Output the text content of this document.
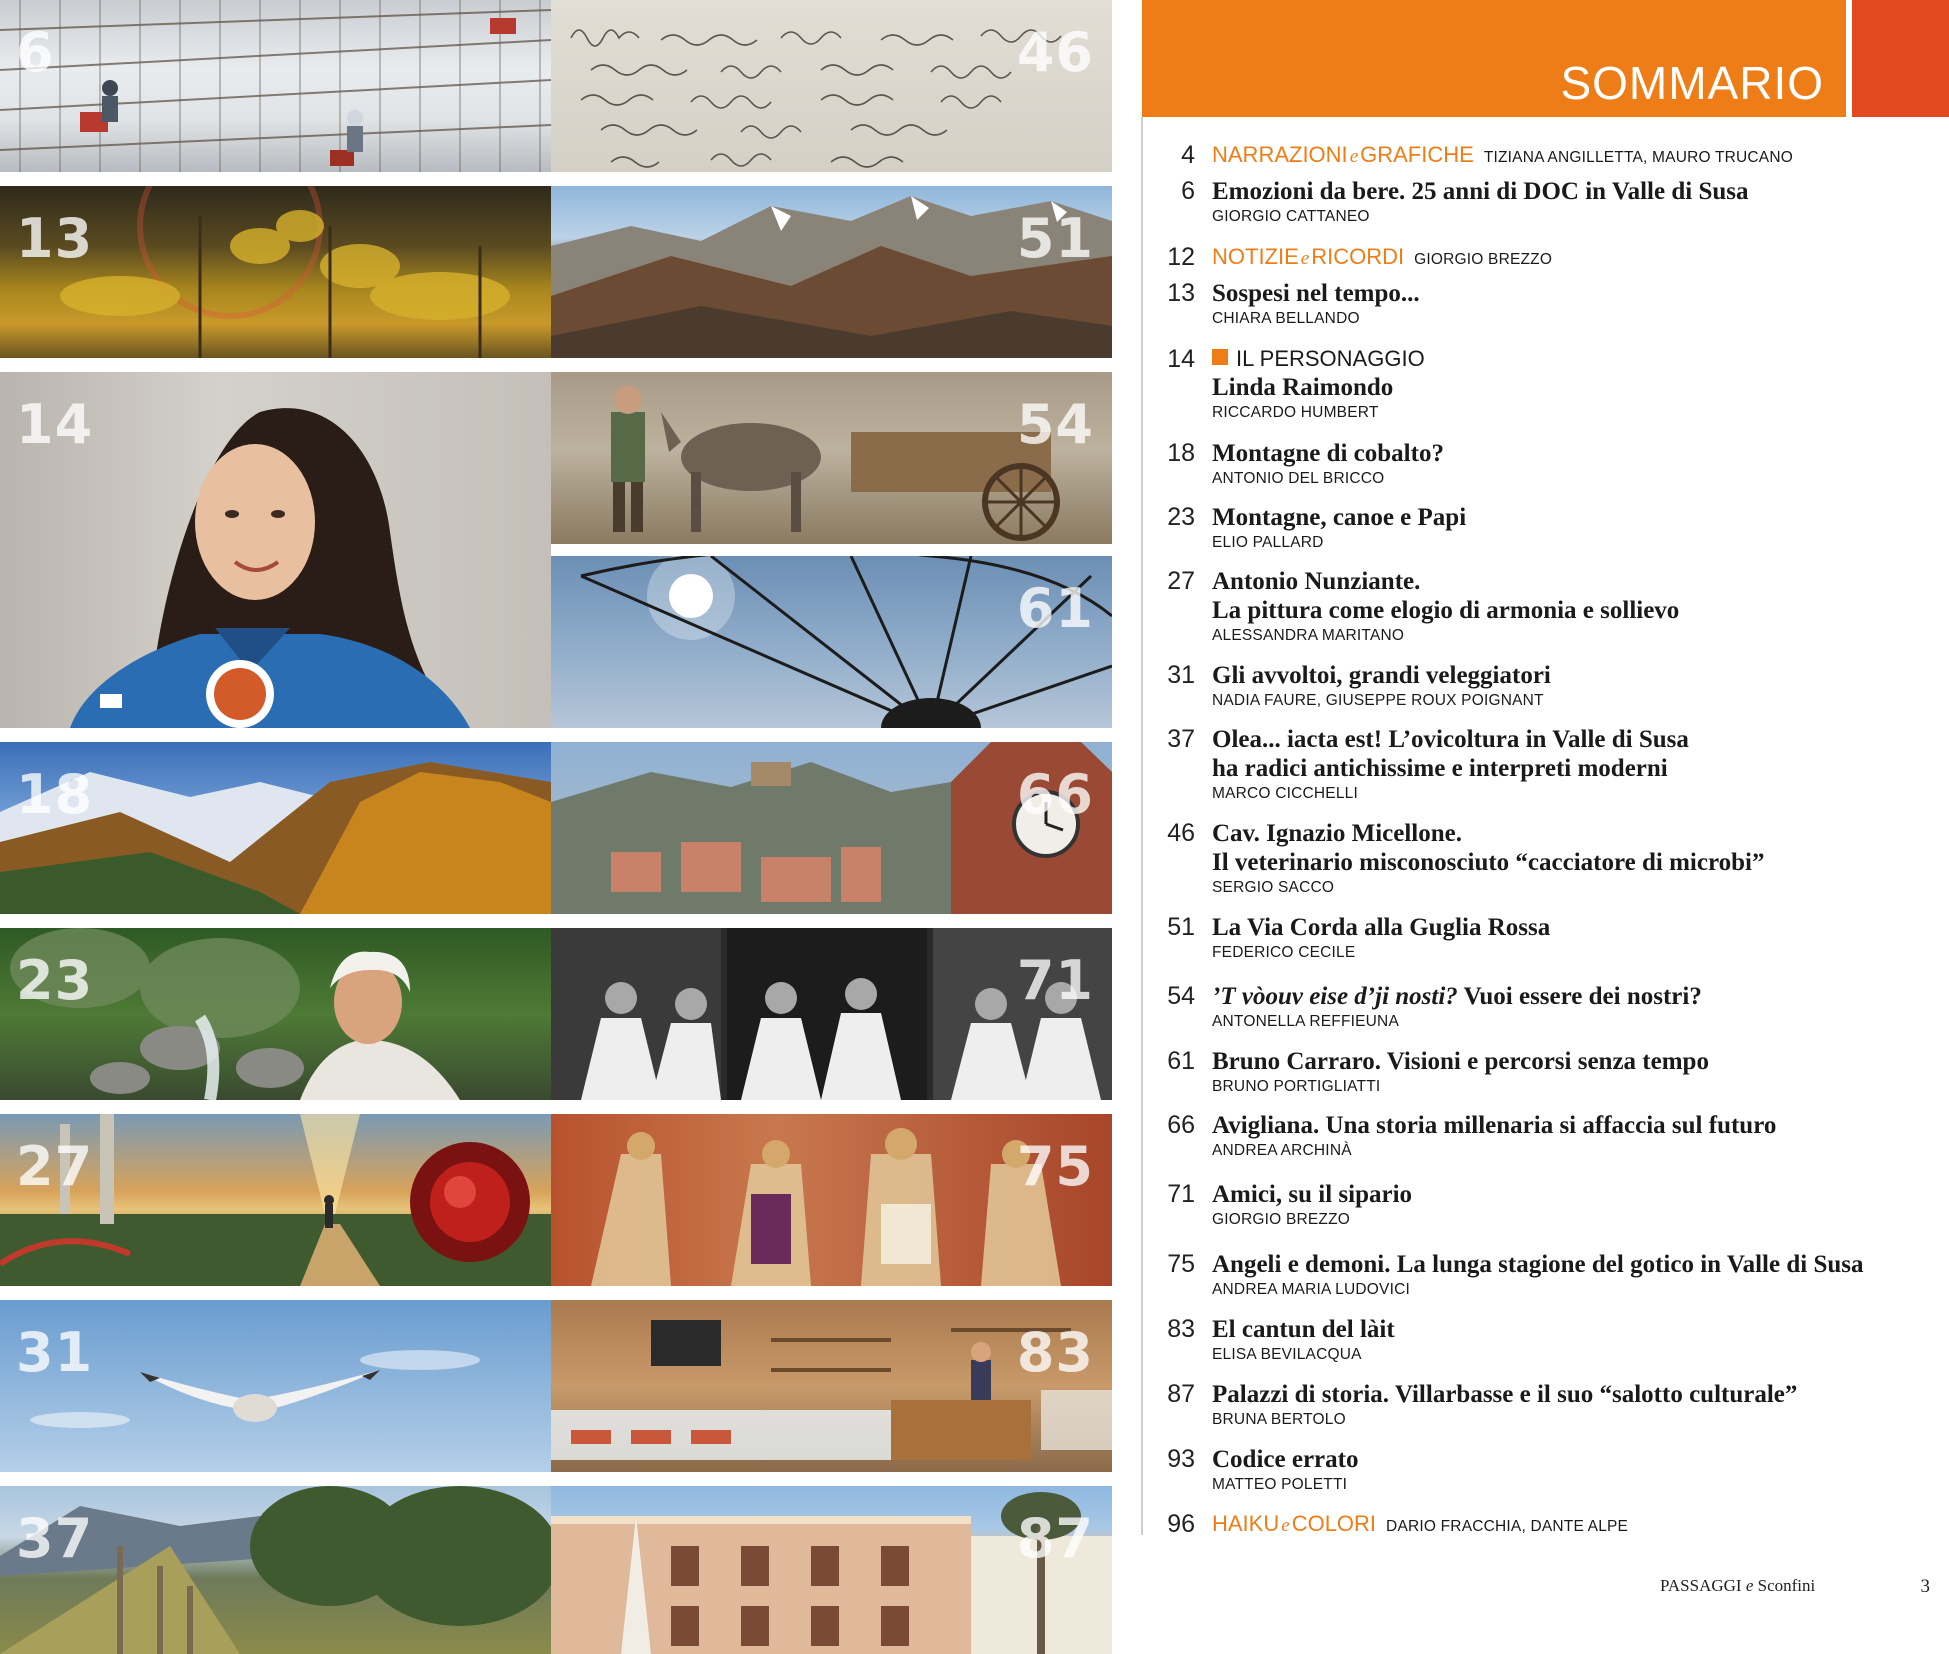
6	46
13	51
14	54
61
18	66
23	71
27	75
31	83
37	87
SOMMARIO
4 NARRAZIONI eGRAFICHE TIZIANA ANGILLETTA, MAURO TRUCANO
6 Emozioni da bere. 25 anni di DOC in Valle di Susa
GIORGIO CATTANEO
12 NOTIZIE eRICORDI GIORGIO BREZZO
13 Sospesi nel tempo...
CHIARA BELLANDO
14	IL PERSONAGGIO
Linda Raimondo
RICCARDO HUMBERT
18 Montagne di cobalto?
ANTONIO DEL BRICCO
23 Montagne, canoe e Papi
ELIO PALLARD
27 Antonio Nunziante.
La pittura come elogio di armonia e sollievo
ALESSANDRA MARITANO
31 Gli avvoltoi, grandi veleggiatori
NADIA FAURE, GIUSEPPE ROUX POIGNANT
37 Olea... iacta est! L’ovicoltura in Valle di Susa
ha radici antichissime e interpreti moderni
MARCO CICCHELLI
46 Cav. Ignazio Micellone.
Il veterinario misconosciuto “cacciatore di microbi”
SERGIO SACCO
51 La Via Corda alla Guglia Rossa
FEDERICO CECILE
54 ’T vòouv eise d’ji nosti? Vuoi essere dei nostri?
ANTONELLA REFFIEUNA
61 Bruno Carraro. Visioni e percorsi senza tempo
BRUNO PORTIGLIATTI
66 Avigliana. Una storia millenaria si affaccia sul futuro
ANDREA ARCHINÀ
71 Amici, su il sipario
GIORGIO BREZZO
75 Angeli e demoni. La lunga stagione del gotico in Valle di Susa
ANDREA MARIA LUDOVICI
83 El cantun del làit
ELISA BEVILACQUA
87 Palazzi di storia. Villarbasse e il suo “salotto culturale”
BRUNA BERTOLO
93 Codice errato
MATTEO POLETTI
96 HAIKU eCOLORI DARIO FRACCHIA, DANTE ALPE
PASSAGGI e Sconfini	3
